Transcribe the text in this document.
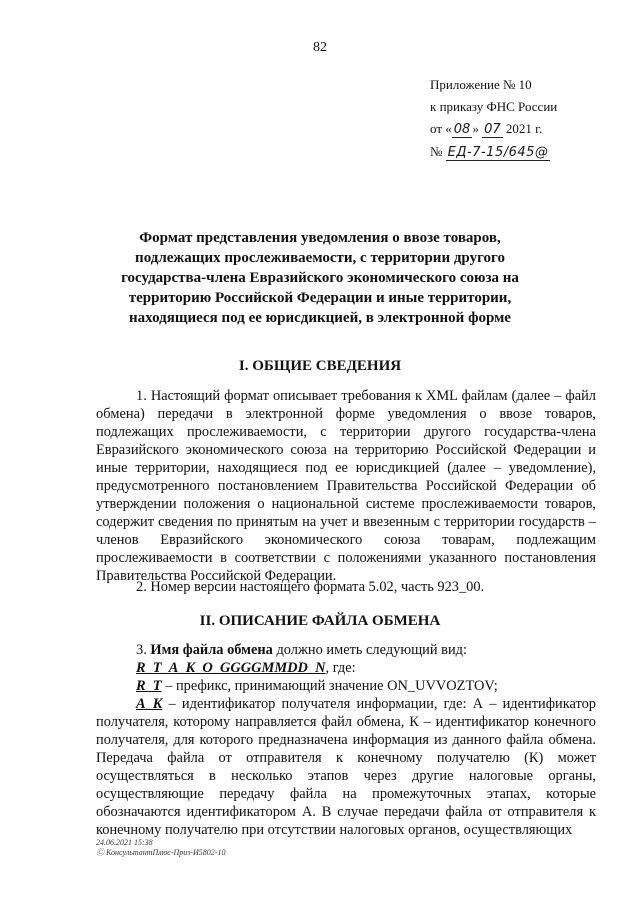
82
Приложение № 10
к приказу ФНС России
от « 08 » 07 2021 г.
№ ЕД-7-15/645@
Формат представления уведомления о ввозе товаров, подлежащих прослеживаемости, с территории другого государства-члена Евразийского экономического союза на территорию Российской Федерации и иные территории, находящиеся под ее юрисдикцией, в электронной форме
I. ОБЩИЕ СВЕДЕНИЯ
1. Настоящий формат описывает требования к XML файлам (далее – файл обмена) передачи в электронной форме уведомления о ввозе товаров, подлежащих прослеживаемости, с территории другого государства-члена Евразийского экономического союза на территорию Российской Федерации и иные территории, находящиеся под ее юрисдикцией (далее – уведомление), предусмотренного постановлением Правительства Российской Федерации об утверждении положения о национальной системе прослеживаемости товаров, содержит сведения по принятым на учет и ввезенным с территории государств – членов Евразийского экономического союза товарам, подлежащим прослеживаемости в соответствии с положениями указанного постановления Правительства Российской Федерации.
2. Номер версии настоящего формата 5.02, часть 923_00.
II. ОПИСАНИЕ ФАЙЛА ОБМЕНА
3. Имя файла обмена должно иметь следующий вид:
R_T_A_K_O_GGGGMMDD_N, где:
R_T – префикс, принимающий значение ON_UVVOZTOV;
A_K – идентификатор получателя информации, где: А – идентификатор получателя, которому направляется файл обмена, К – идентификатор конечного получателя, для которого предназначена информация из данного файла обмена. Передача файла от отправителя к конечному получателю (К) может осуществляться в несколько этапов через другие налоговые органы, осуществляющие передачу файла на промежуточных этапах, которые обозначаются идентификатором А. В случае передачи файла от отправителя к конечному получателю при отсутствии налоговых органов, осуществляющих
24.06.2021 15:38
Ⓒ КонсультантПлюс-Приз-И5802-10
